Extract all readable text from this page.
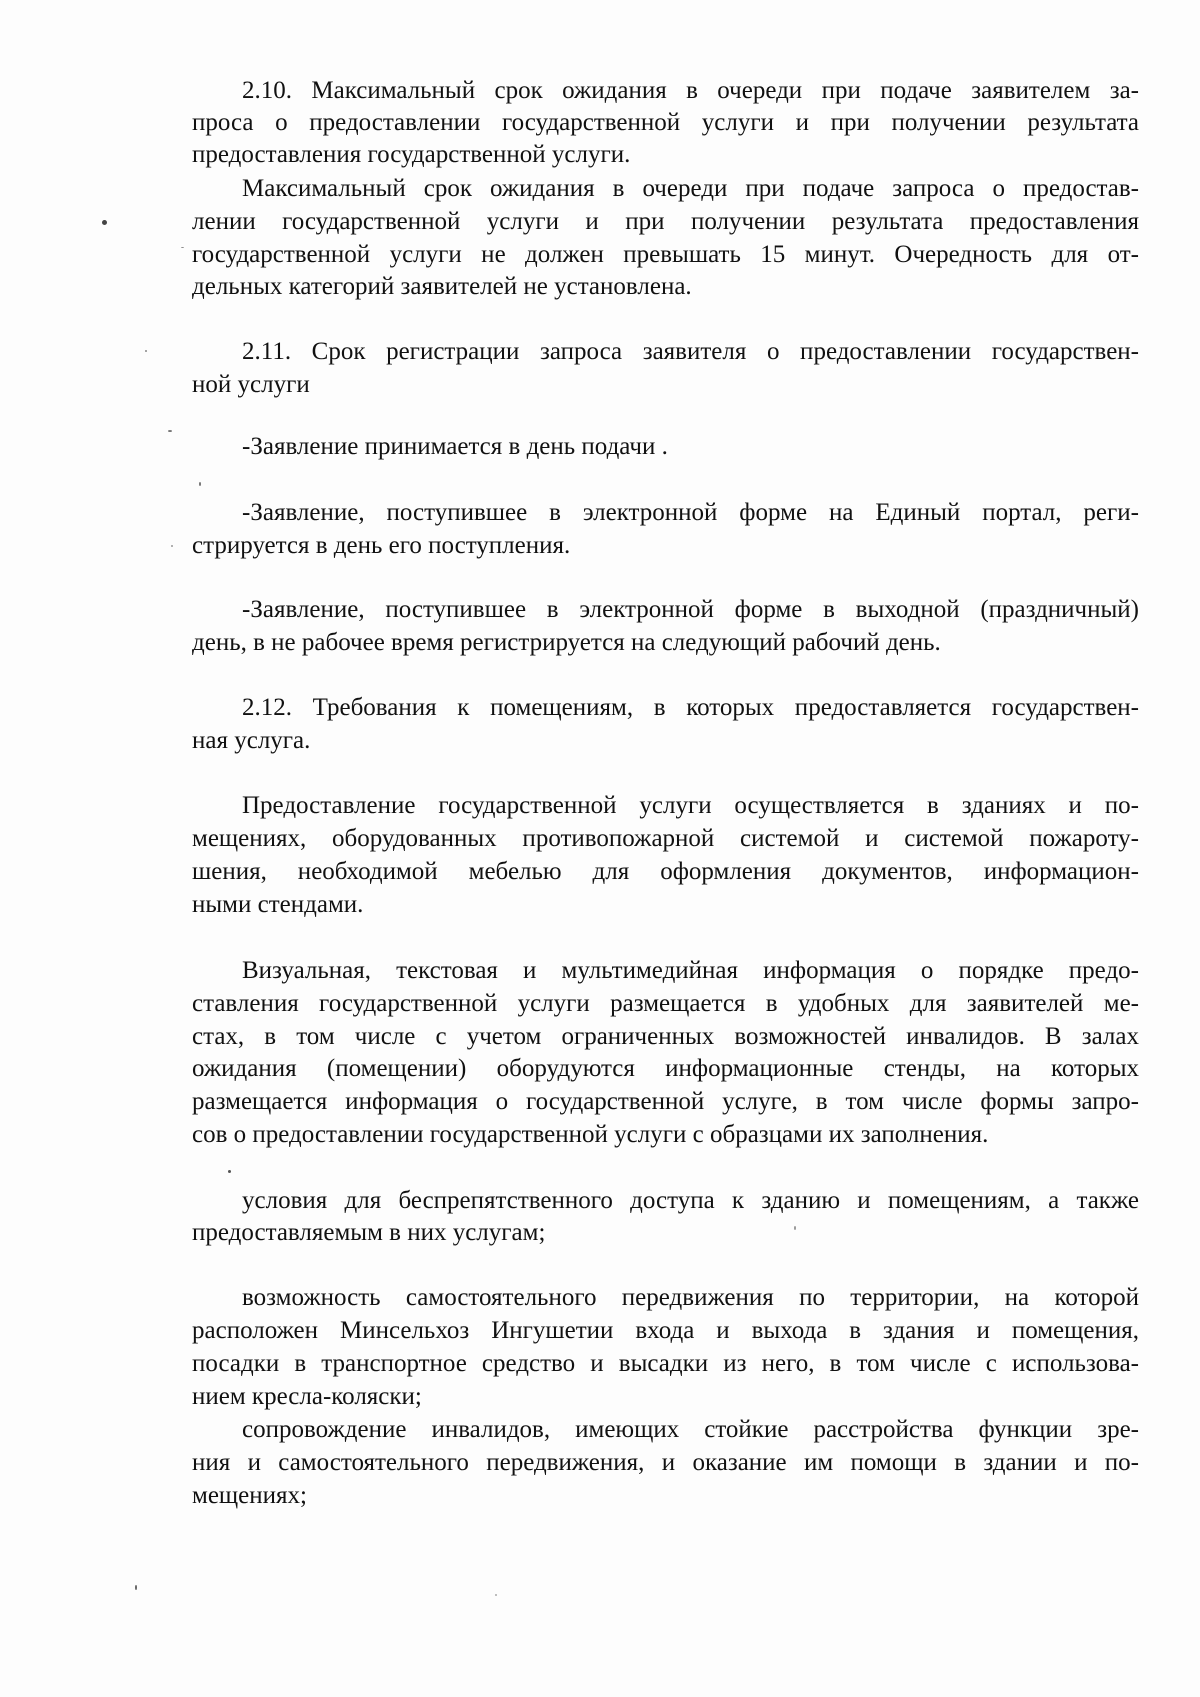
2.10. Максимальный срок ожидания в очереди при подаче заявителем за-
проса о предоставлении государственной услуги и при получении результата
предоставления государственной услуги.
Максимальный срок ожидания в очереди при подаче запроса о предостав-
лении государственной услуги и при получении результата предоставления
государственной услуги не должен превышать 15 минут. Очередность для от-
дельных категорий заявителей не установлена.
2.11. Срок регистрации запроса заявителя о предоставлении государствен-
ной услуги
-Заявление принимается в день подачи .
-Заявление, поступившее в электронной форме на Единый портал, реги-
стрируется в день его поступления.
-Заявление, поступившее в электронной форме в выходной (праздничный)
день, в не рабочее время регистрируется на следующий рабочий день.
2.12. Требования к помещениям, в которых предоставляется государствен-
ная услуга.
Предоставление государственной услуги осуществляется в зданиях и по-
мещениях, оборудованных противопожарной системой и системой пожароту-
шения, необходимой мебелью для оформления документов, информацион-
ными стендами.
Визуальная, текстовая и мультимедийная информация о порядке предо-
ставления государственной услуги размещается в удобных для заявителей ме-
стах, в том числе с учетом ограниченных возможностей инвалидов. В залах
ожидания (помещении) оборудуются информационные стенды, на которых
размещается информация о государственной услуге, в том числе формы запро-
сов о предоставлении государственной услуги с образцами их заполнения.
условия для беспрепятственного доступа к зданию и помещениям, а также
предоставляемым в них услугам;
возможность самостоятельного передвижения по территории, на которой
расположен Минсельхоз Ингушетии входа и выхода в здания и помещения,
посадки в транспортное средство и высадки из него, в том числе с использова-
нием кресла-коляски;
сопровождение инвалидов, имеющих стойкие расстройства функции зре-
ния и самостоятельного передвижения, и оказание им помощи в здании и по-
мещениях;
